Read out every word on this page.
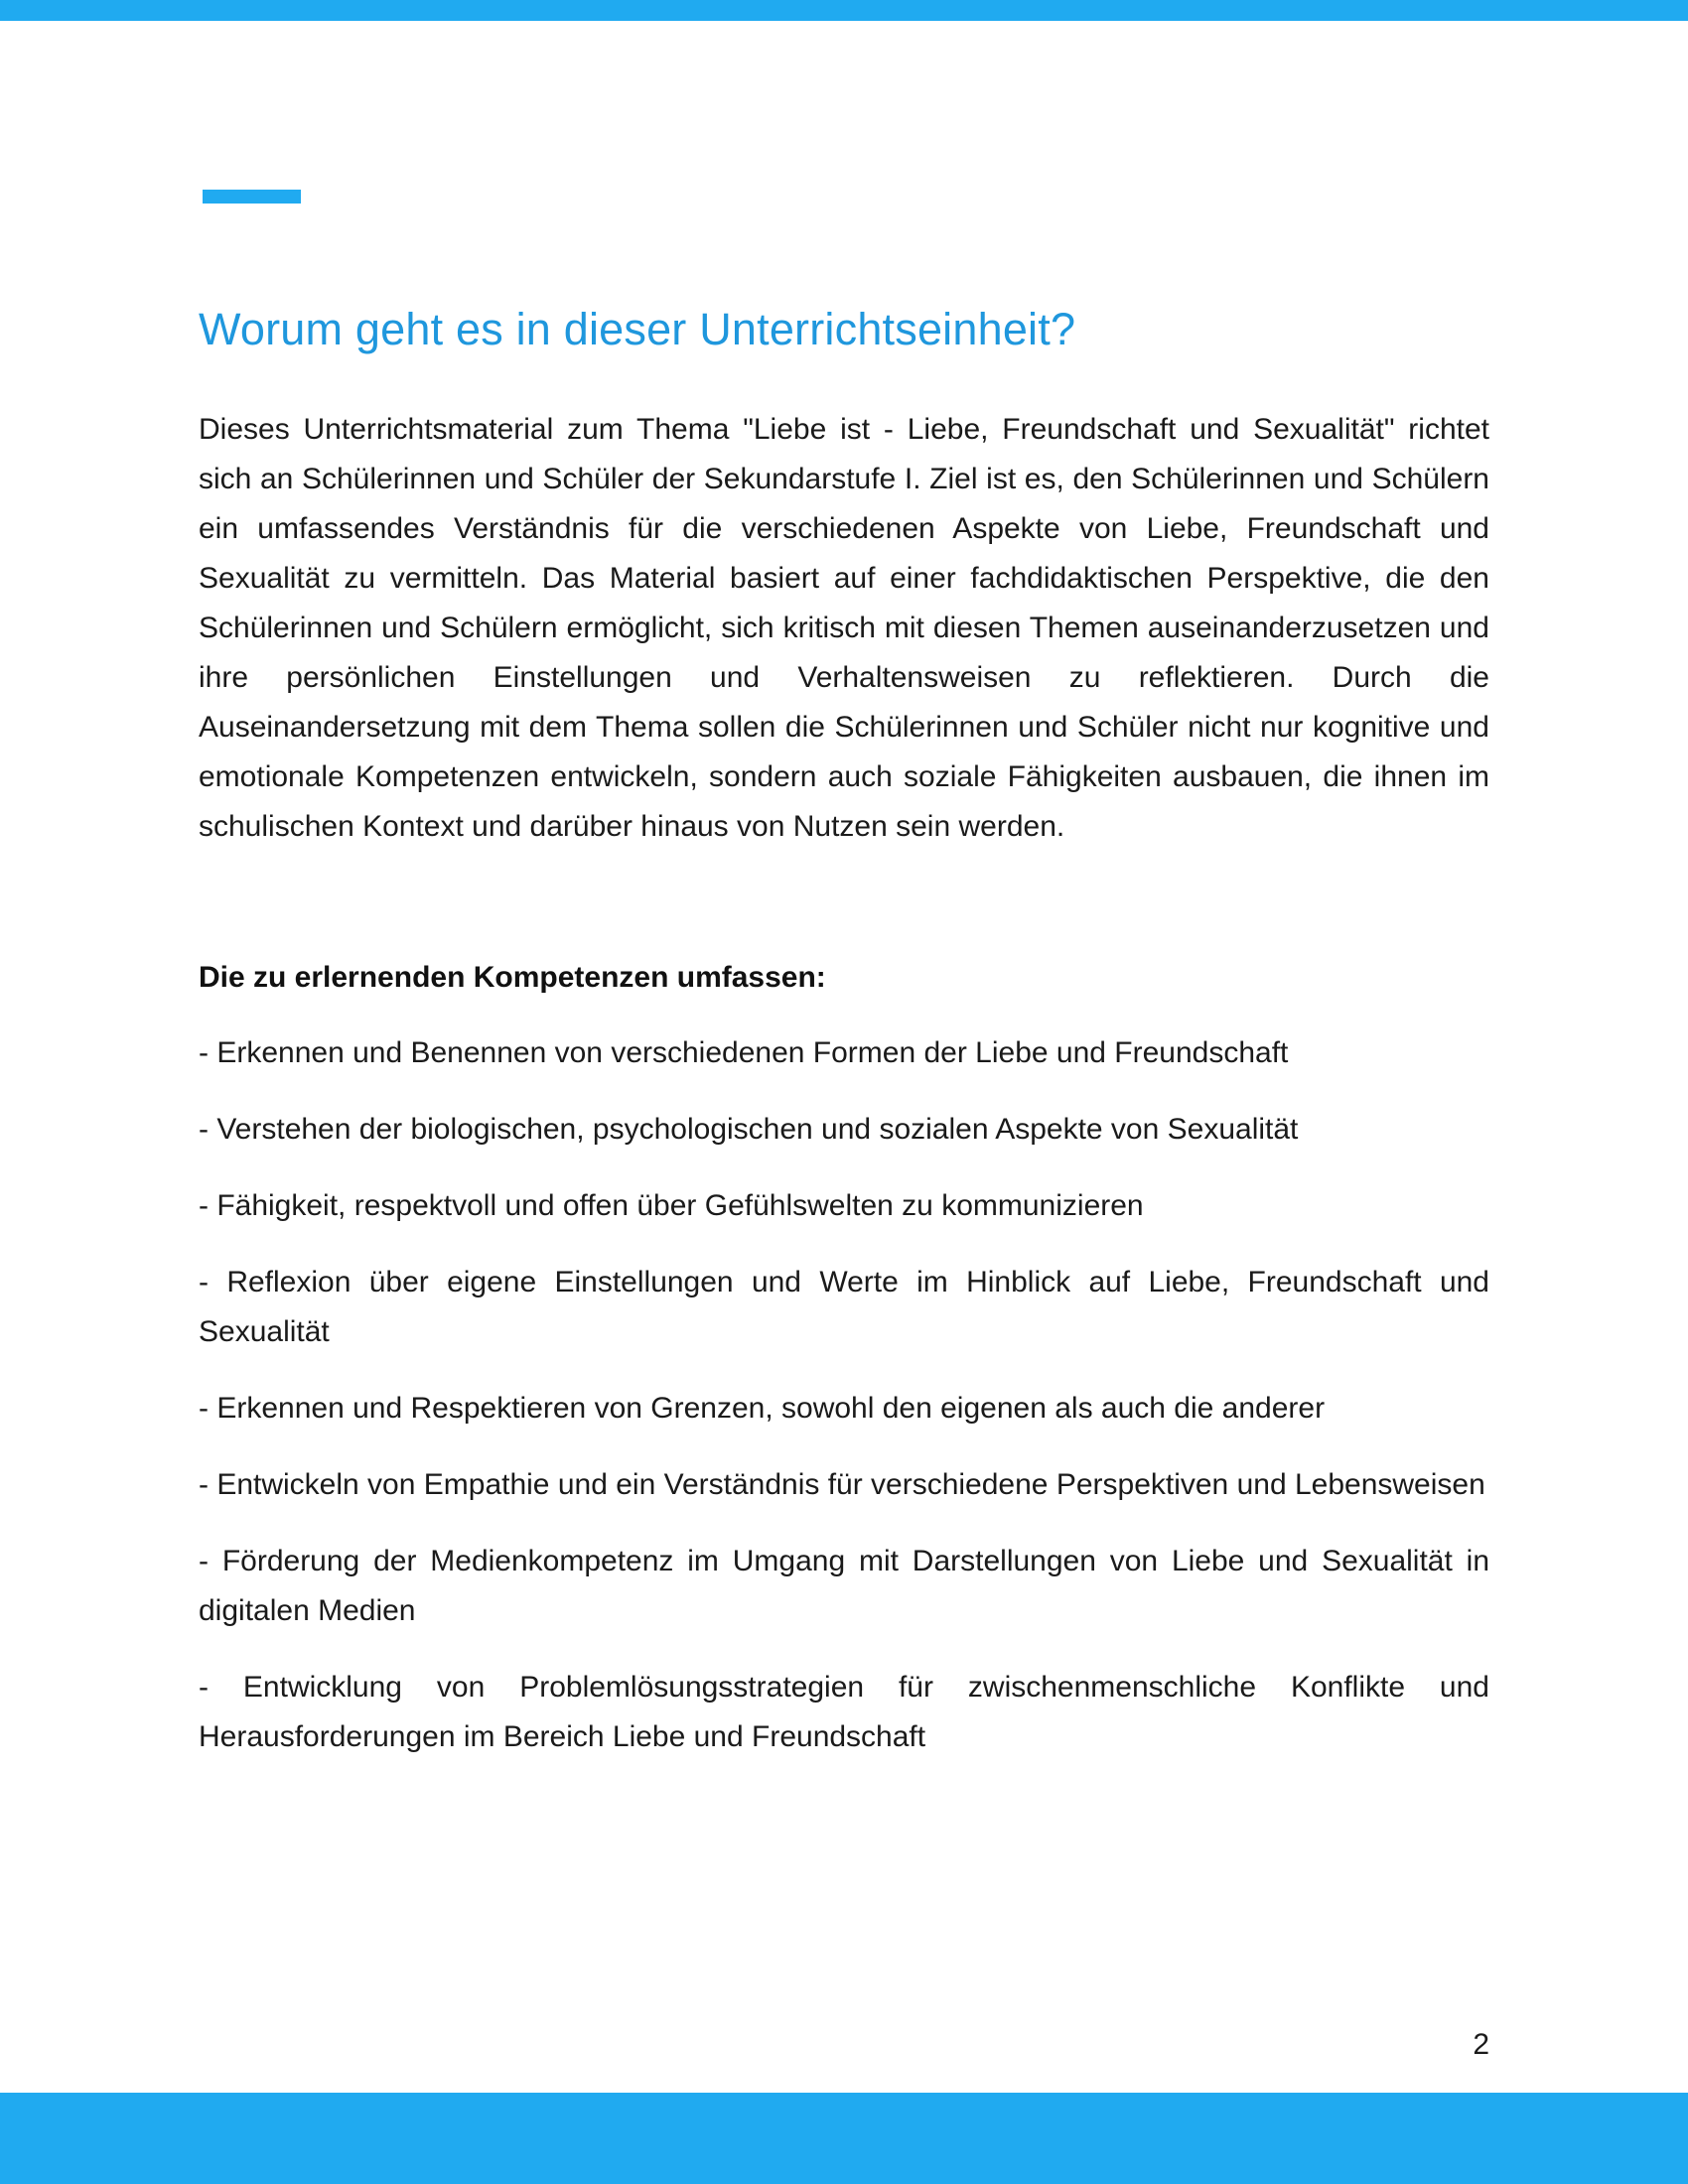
Worum geht es in dieser Unterrichtseinheit?

Dieses Unterrichtsmaterial zum Thema "Liebe ist - Liebe, Freundschaft und Sexualität" richtet sich an Schülerinnen und Schüler der Sekundarstufe I. Ziel ist es, den Schülerinnen und Schülern ein umfassendes Verständnis für die verschiedenen Aspekte von Liebe, Freundschaft und Sexualität zu vermitteln. Das Material basiert auf einer fachdidaktischen Perspektive, die den Schülerinnen und Schülern ermöglicht, sich kritisch mit diesen Themen auseinanderzusetzen und ihre persönlichen Einstellungen und Verhaltensweisen zu reflektieren. Durch die Auseinandersetzung mit dem Thema sollen die Schülerinnen und Schüler nicht nur kognitive und emotionale Kompetenzen entwickeln, sondern auch soziale Fähigkeiten ausbauen, die ihnen im schulischen Kontext und darüber hinaus von Nutzen sein werden.

Die zu erlernenden Kompetenzen umfassen:

- Erkennen und Benennen von verschiedenen Formen der Liebe und Freundschaft
- Verstehen der biologischen, psychologischen und sozialen Aspekte von Sexualität
- Fähigkeit, respektvoll und offen über Gefühlswelten zu kommunizieren
- Reflexion über eigene Einstellungen und Werte im Hinblick auf Liebe, Freundschaft und Sexualität
- Erkennen und Respektieren von Grenzen, sowohl den eigenen als auch die anderer
- Entwickeln von Empathie und ein Verständnis für verschiedene Perspektiven und Lebensweisen
- Förderung der Medienkompetenz im Umgang mit Darstellungen von Liebe und Sexualität in digitalen Medien
- Entwicklung von Problemlösungsstrategien für zwischenmenschliche Konflikte und Herausforderungen im Bereich Liebe und Freundschaft
2
